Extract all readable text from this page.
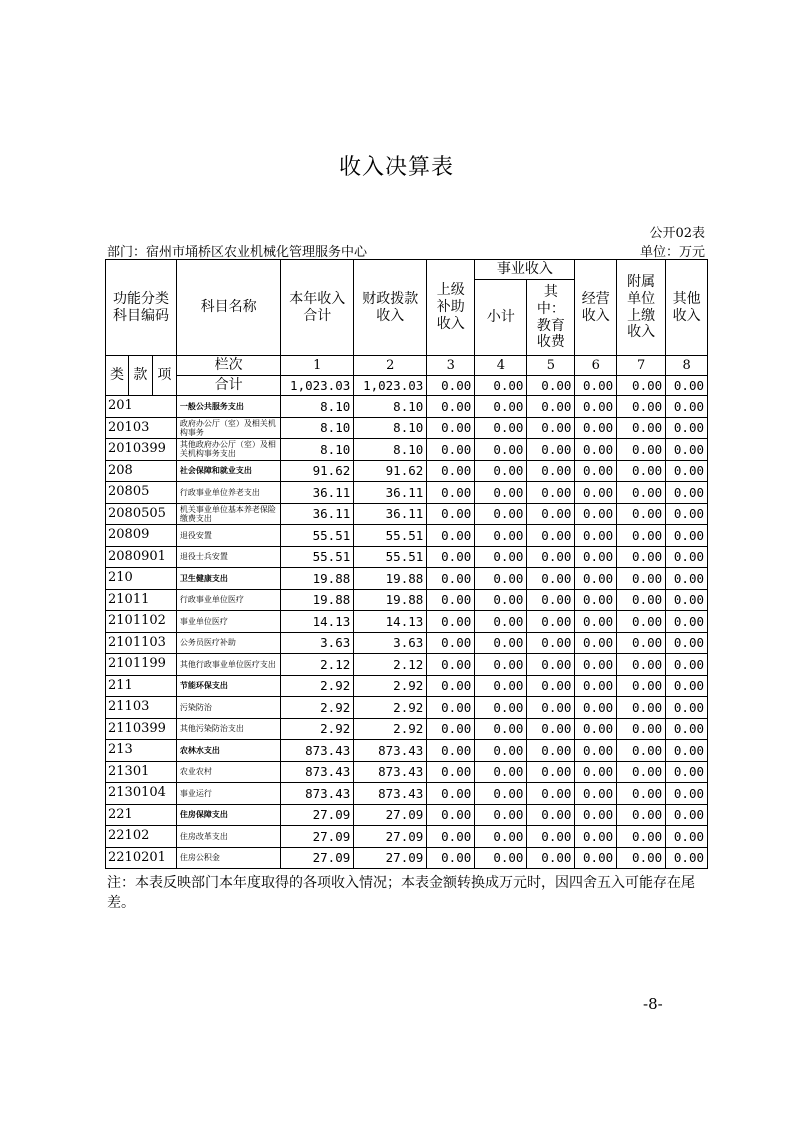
收入决算表
公开02表
部门：宿州市埇桥区农业机械化管理服务中心	单位：万元
功能分类科目编码			科目名称	本年收入合计	财政拨款收入	上级补助收入	事业收入		经营收入	附属单位上缴收入	其他收入
							小计	其中：教育收费			
类	款	项	栏次	1	2	3	4	5	6	7	8
			合计	1,023.03	1,023.03	0.00	0.00	0.00	0.00	0.00	0.00
201			一般公共服务支出	8.10	8.10	0.00	0.00	0.00	0.00	0.00	0.00
20103			政府办公厅（室）及相关机构事务	8.10	8.10	0.00	0.00	0.00	0.00	0.00	0.00
2010399			其他政府办公厅（室）及相关机构事务支出	8.10	8.10	0.00	0.00	0.00	0.00	0.00	0.00
208			社会保障和就业支出	91.62	91.62	0.00	0.00	0.00	0.00	0.00	0.00
20805			行政事业单位养老支出	36.11	36.11	0.00	0.00	0.00	0.00	0.00	0.00
2080505			机关事业单位基本养老保险缴费支出	36.11	36.11	0.00	0.00	0.00	0.00	0.00	0.00
20809			退役安置	55.51	55.51	0.00	0.00	0.00	0.00	0.00	0.00
2080901			退役士兵安置	55.51	55.51	0.00	0.00	0.00	0.00	0.00	0.00
210			卫生健康支出	19.88	19.88	0.00	0.00	0.00	0.00	0.00	0.00
21011			行政事业单位医疗	19.88	19.88	0.00	0.00	0.00	0.00	0.00	0.00
2101102			事业单位医疗	14.13	14.13	0.00	0.00	0.00	0.00	0.00	0.00
2101103			公务员医疗补助	3.63	3.63	0.00	0.00	0.00	0.00	0.00	0.00
2101199			其他行政事业单位医疗支出	2.12	2.12	0.00	0.00	0.00	0.00	0.00	0.00
211			节能环保支出	2.92	2.92	0.00	0.00	0.00	0.00	0.00	0.00
21103			污染防治	2.92	2.92	0.00	0.00	0.00	0.00	0.00	0.00
2110399			其他污染防治支出	2.92	2.92	0.00	0.00	0.00	0.00	0.00	0.00
213			农林水支出	873.43	873.43	0.00	0.00	0.00	0.00	0.00	0.00
21301			农业农村	873.43	873.43	0.00	0.00	0.00	0.00	0.00	0.00
2130104			事业运行	873.43	873.43	0.00	0.00	0.00	0.00	0.00	0.00
221			住房保障支出	27.09	27.09	0.00	0.00	0.00	0.00	0.00	0.00
22102			住房改革支出	27.09	27.09	0.00	0.00	0.00	0.00	0.00	0.00
2210201			住房公积金	27.09	27.09	0.00	0.00	0.00	0.00	0.00	0.00
注：本表反映部门本年度取得的各项收入情况；本表金额转换成万元时，因四舍五入可能存在尾差。
-8-
